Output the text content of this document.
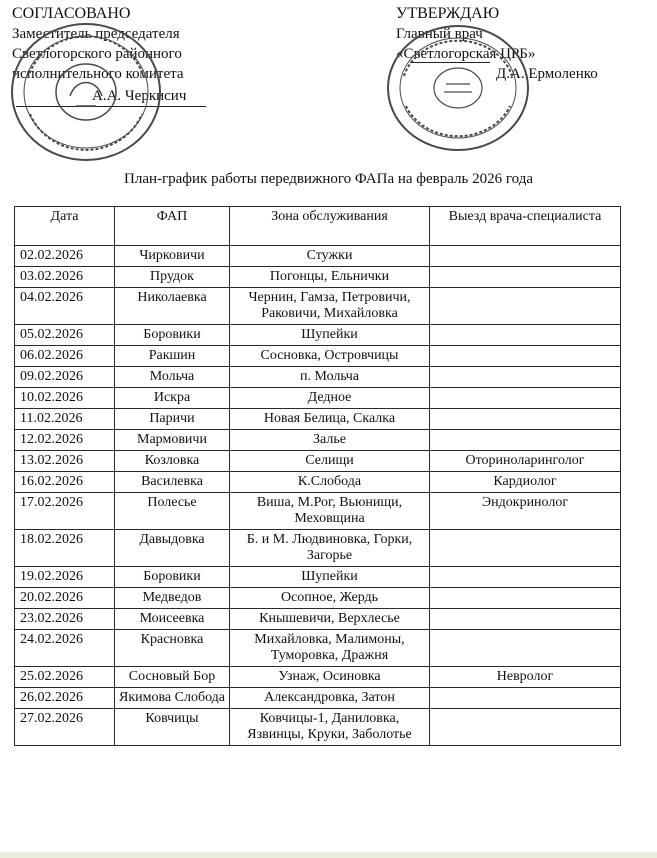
СОГЛАСОВАНО
Заместитель председателя
Светлогорского районного
исполнительного комитета
А.А. Черкисич
УТВЕРЖДАЮ
Главный врач
«Светлогорская ЦРБ»
Д.А. Ермоленко
План-график работы передвижного ФАПа на февраль 2026 года
Дата	ФАП	Зона обслуживания	Выезд врача-специалиста
02.02.2026	Чирковичи	Стужки	
03.02.2026	Прудок	Погонцы, Ельнички	
04.02.2026	Николаевка	Чернин, Гамза, Петровичи, Раковичи, Михайловка	
05.02.2026	Боровики	Шупейки	
06.02.2026	Ракшин	Сосновка, Островчицы	
09.02.2026	Мольча	п. Мольча	
10.02.2026	Искра	Дедное	
11.02.2026	Паричи	Новая Белица, Скалка	
12.02.2026	Мармовичи	Залье	
13.02.2026	Козловка	Селищи	Оториноларинголог
16.02.2026	Василевка	К.Слобода	Кардиолог
17.02.2026	Полесье	Виша, М.Рог, Вьюнищи, Меховщина	Эндокринолог
18.02.2026	Давыдовка	Б. и М. Людвиновка, Горки, Загорье	
19.02.2026	Боровики	Шупейки	
20.02.2026	Медведов	Осопное, Жердь	
23.02.2026	Моисеевка	Кнышевичи, Верхлесье	
24.02.2026	Красновка	Михайловка, Малимоны, Туморовка, Дражня	
25.02.2026	Сосновый Бор	Узнаж, Осиновка	Невролог
26.02.2026	Якимова Слобода	Александровка, Затон	
27.02.2026	Ковчицы	Ковчицы-1, Даниловка, Язвинцы, Круки, Заболотье	
